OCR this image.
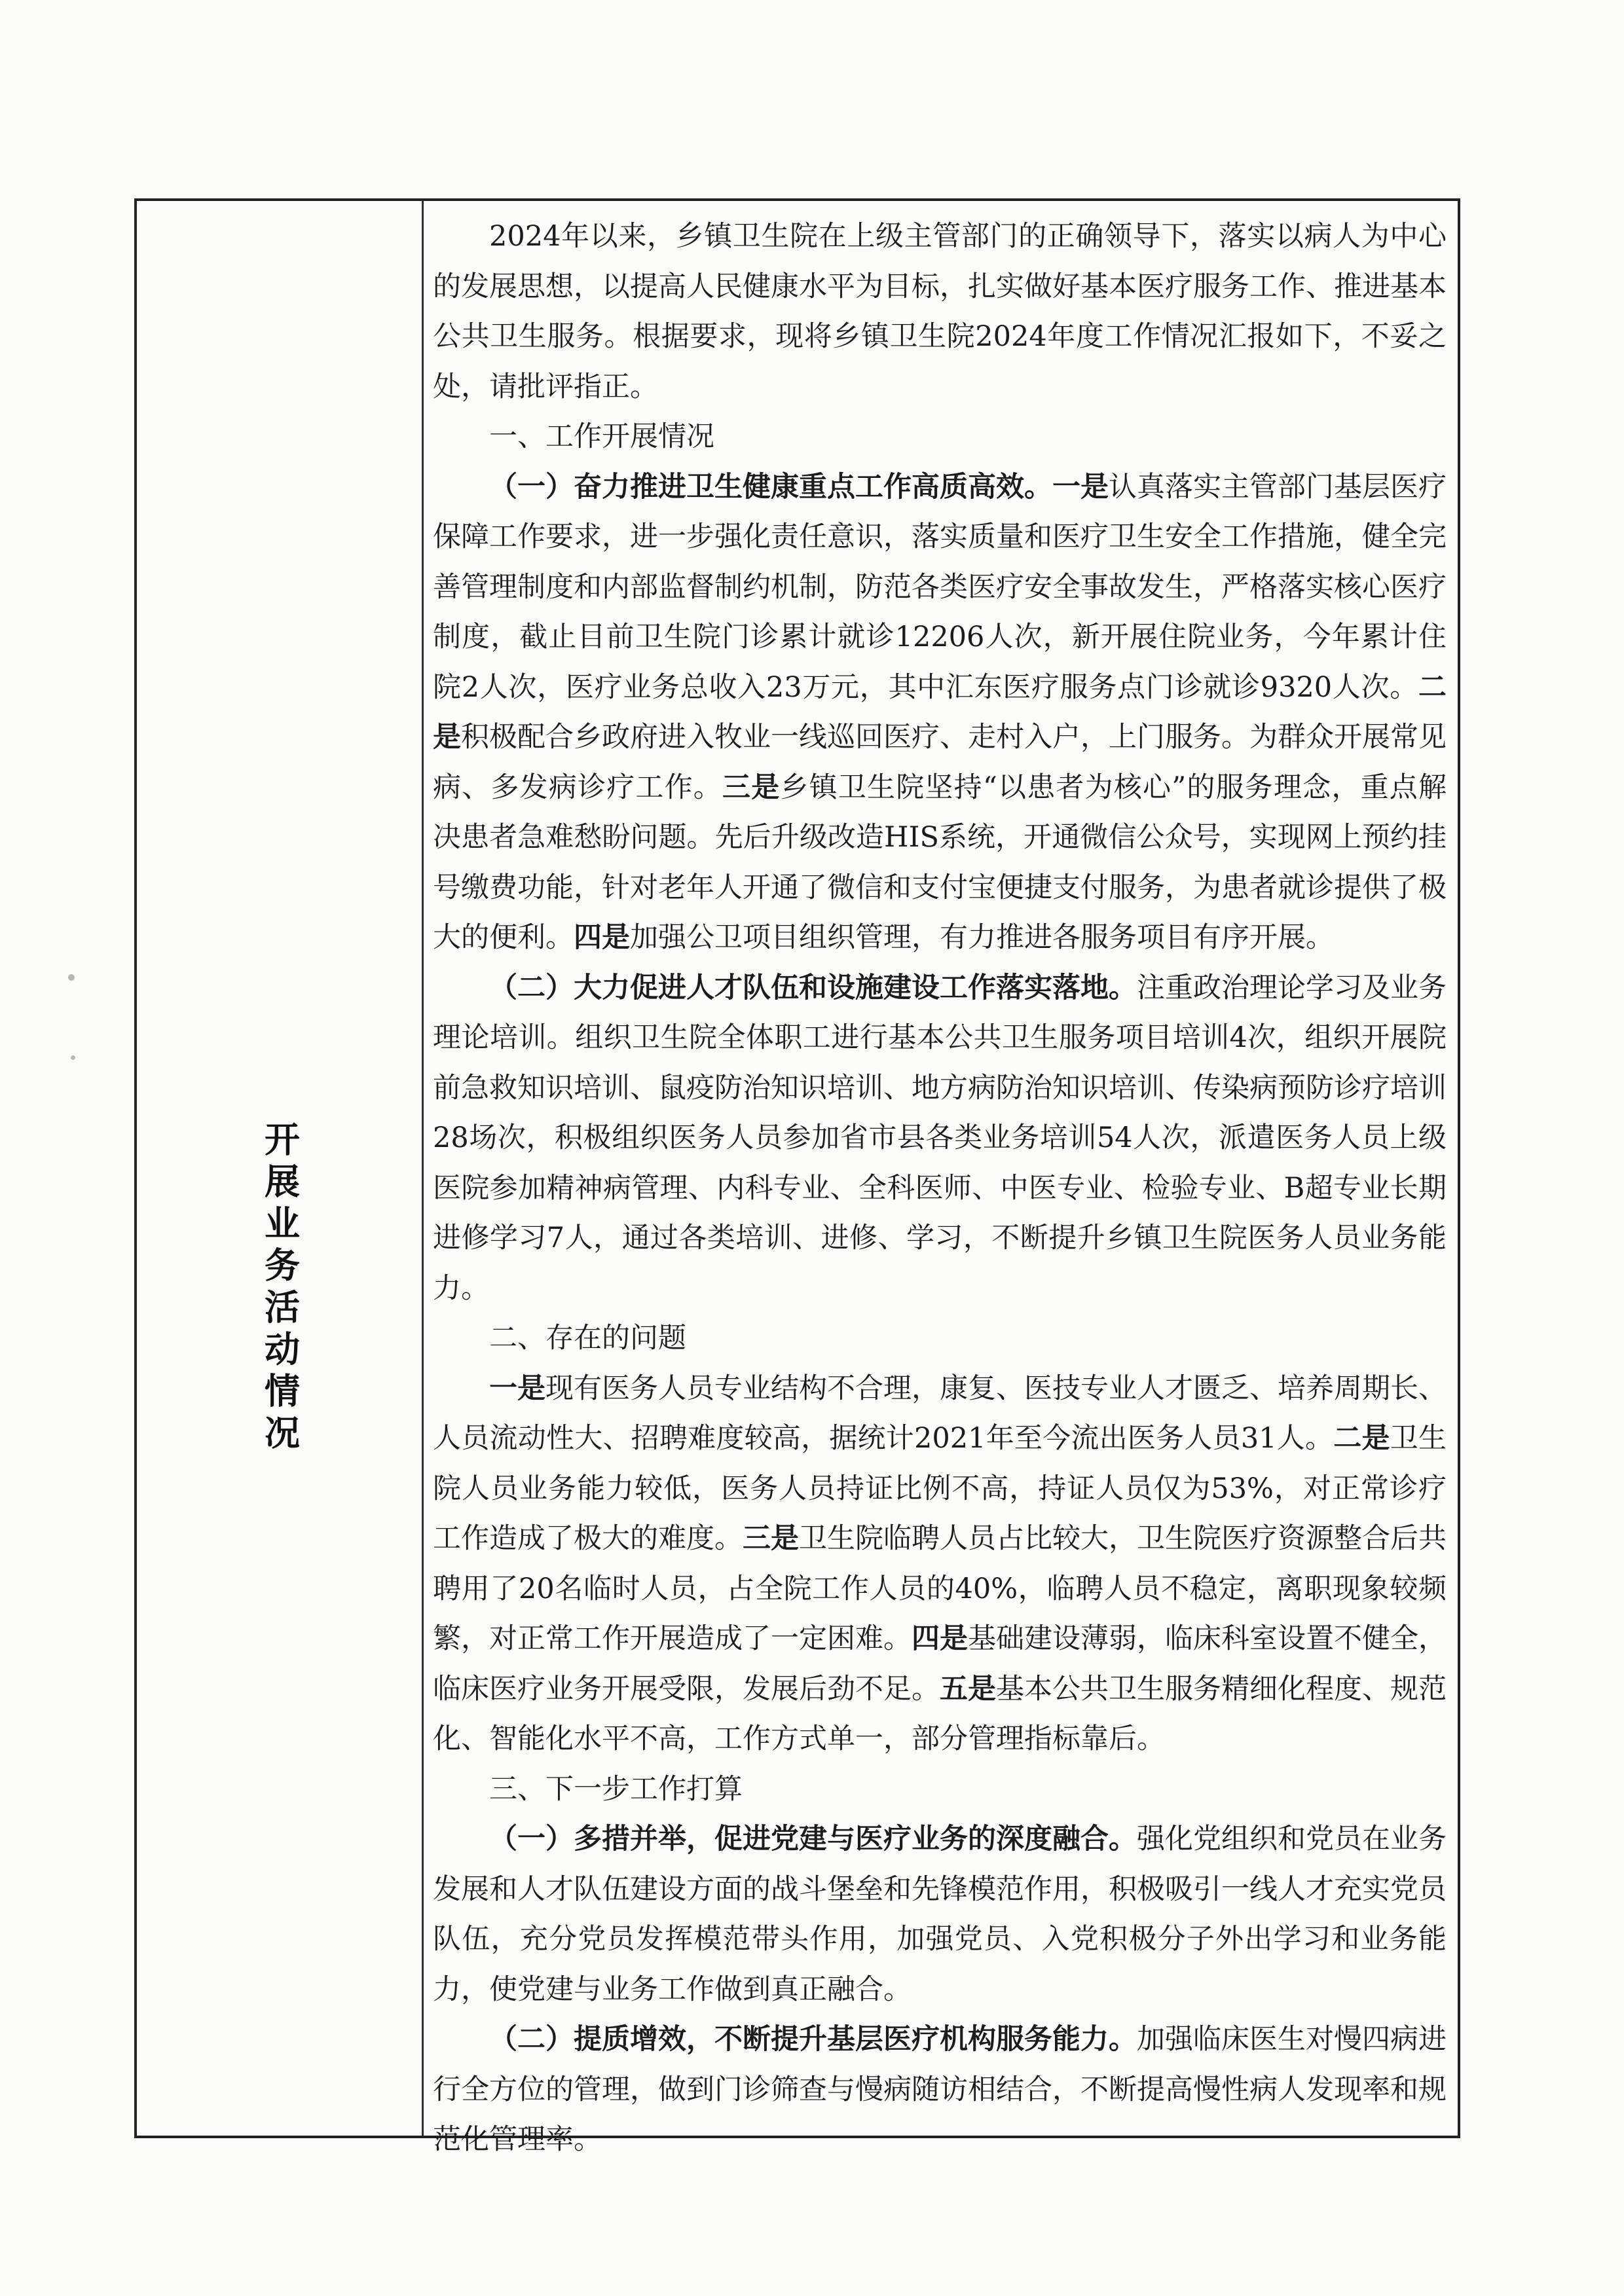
开展业务活动情况

2024年以来，乡镇卫生院在上级主管部门的正确领导下，落实以病人为中心的发展思想，以提高人民健康水平为目标，扎实做好基本医疗服务工作、推进基本公共卫生服务。根据要求，现将乡镇卫生院2024年度工作情况汇报如下，不妥之处，请批评指正。

一、工作开展情况

（一）奋力推进卫生健康重点工作高质高效。一是认真落实主管部门基层医疗保障工作要求，进一步强化责任意识，落实质量和医疗卫生安全工作措施，健全完善管理制度和内部监督制约机制，防范各类医疗安全事故发生，严格落实核心医疗制度，截止目前卫生院门诊累计就诊12206人次，新开展住院业务，今年累计住院2人次，医疗业务总收入23万元，其中汇东医疗服务点门诊就诊9320人次。二是积极配合乡政府进入牧业一线巡回医疗、走村入户，上门服务。为群众开展常见病、多发病诊疗工作。三是乡镇卫生院坚持“以患者为核心”的服务理念，重点解决患者急难愁盼问题。先后升级改造HIS系统，开通微信公众号，实现网上预约挂号缴费功能，针对老年人开通了微信和支付宝便捷支付服务，为患者就诊提供了极大的便利。四是加强公卫项目组织管理，有力推进各服务项目有序开展。

（二）大力促进人才队伍和设施建设工作落实落地。注重政治理论学习及业务理论培训。组织卫生院全体职工进行基本公共卫生服务项目培训4次，组织开展院前急救知识培训、鼠疫防治知识培训、地方病防治知识培训、传染病预防诊疗培训28场次，积极组织医务人员参加省市县各类业务培训54人次，派遣医务人员上级医院参加精神病管理、内科专业、全科医师、中医专业、检验专业、B超专业长期进修学习7人，通过各类培训、进修、学习，不断提升乡镇卫生院医务人员业务能力。

二、存在的问题

一是现有医务人员专业结构不合理，康复、医技专业人才匮乏、培养周期长、人员流动性大、招聘难度较高，据统计2021年至今流出医务人员31人。二是卫生院人员业务能力较低，医务人员持证比例不高，持证人员仅为53%，对正常诊疗工作造成了极大的难度。三是卫生院临聘人员占比较大，卫生院医疗资源整合后共聘用了20名临时人员，占全院工作人员的40%，临聘人员不稳定，离职现象较频繁，对正常工作开展造成了一定困难。四是基础建设薄弱，临床科室设置不健全，临床医疗业务开展受限，发展后劲不足。五是基本公共卫生服务精细化程度、规范化、智能化水平不高，工作方式单一，部分管理指标靠后。

三、下一步工作打算

（一）多措并举，促进党建与医疗业务的深度融合。强化党组织和党员在业务发展和人才队伍建设方面的战斗堡垒和先锋模范作用，积极吸引一线人才充实党员队伍，充分党员发挥模范带头作用，加强党员、入党积极分子外出学习和业务能力，使党建与业务工作做到真正融合。

（二）提质增效，不断提升基层医疗机构服务能力。加强临床医生对慢四病进行全方位的管理，做到门诊筛查与慢病随访相结合，不断提高慢性病人发现率和规范化管理率。
